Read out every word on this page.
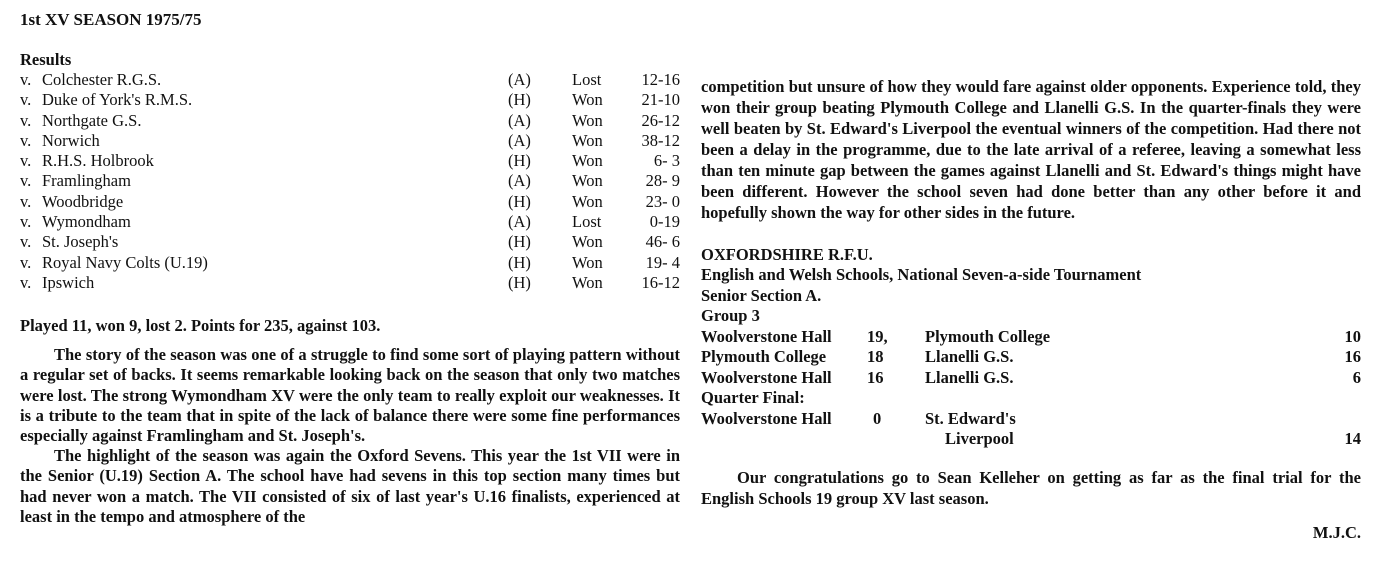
1st XV SEASON 1975/75
Results
v. Colchester R.G.S.	(A) Lost 12-16
v. Duke of York's R.M.S.	(H) Won 21-10
v. Northgate G.S.	(A) Won 26-12
v. Norwich	(A) Won 38-12
v. R.H.S. Holbrook	(H) Won	6- 3
v. Framlingham	(A) Won	28- 9
v. Woodbridge	(H) Won	23- 0
v. Wymondham	(A) Lost	0-19
v. St. Joseph's	(H) Won	46- 6
v. Royal Navy Colts (U.19)	(H) Won	19- 4
v. Ipswich	(H) Won 16-12
Played 11, won 9, lost 2. Points for 235, against 103.

The story of the season was one of a struggle to find some sort of playing pattern without a regular set of backs. It seems remarkable looking back on the season that only two matches were lost. The strong Wymondham XV were the only team to really exploit our weaknesses. It is a tribute to the team that in spite of the lack of balance there were some fine performances especially against Framlingham and St. Joseph's.

The highlight of the season was again the Oxford Sevens. This year the 1st VII were in the Senior (U.19) Section A. The school have had sevens in this top section many times but had never won a match. The VII consisted of six of last year's U.16 finalists, experienced at least in the tempo and atmosphere of the

competition but unsure of how they would fare against older opponents. Experience told, they won their group beating Plymouth College and Llanelli G.S. In the quarter-finals they were well beaten by St. Edward's Liverpool the eventual winners of the competition. Had there not been a delay in the programme, due to the late arrival of a referee, leaving a somewhat less than ten minute gap between the games against Llanelli and St. Edward's things might have been different. However the school seven had done better than any other before it and hopefully shown the way for other sides in the future.

OXFORDSHIRE R.F.U.
English and Welsh Schools, National Seven-a-side Tournament
Senior Section A.
Group 3
Woolverstone Hall 19, Plymouth College	10
Plymouth College 18	Llanelli G.S.	16
Woolverstone Hall 16	Llanelli G.S.	6
Quarter Final:
Woolverstone Hall	0	St. Edward's
Liverpool	14
Our congratulations go to Sean Kelleher on getting as far as the final trial for the English Schools 19 group XV last season.
M.J.C.
